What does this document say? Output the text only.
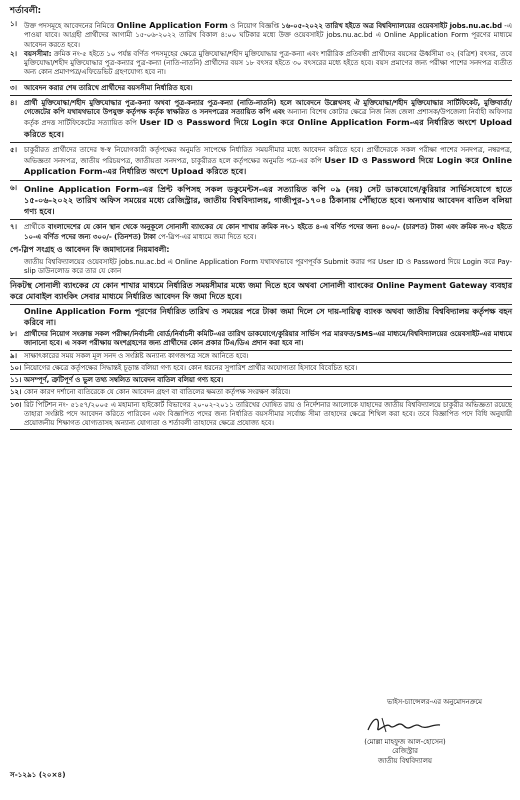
শর্তাবলী:
১।	উক্ত পদসমূহে আবেদনের নিমিত্তে Online Application Form ও নিয়োগ বিজ্ঞপ্তি ১৬-০৫-২০২২ তারিখ হইতে অত্র বিশ্ববিদ্যালয়ের ওয়েবসাইট jobs.nu.ac.bd -এ পাওয়া যাবে। আগ্রহী প্রার্থীদের আগামী ১৫-০৬-২০২২ তারিখ বিকাল ৪:০০ ঘটিকার মধ্যে উক্ত ওয়েবসাইট jobs.nu.ac.bd এ Online Application Form পূরণের মাধ্যমে আবেদন করতে হবে।
২।	বয়সসীমা: ক্রমিক নং-৫ হইতে ১০ পর্যন্ত বর্ণিত পদসমূহের ক্ষেত্রে মুক্তিযোদ্ধা/শহীদ মুক্তিযোদ্ধার পুত্র-কন্যা এবং শারীরিক প্রতিবন্ধী প্রার্থীদের বয়সের ঊর্ধ্বসীমা ৩২ (বত্রিশ) বৎসর, তবে মুক্তিযোদ্ধা/শহীদ মুক্তিযোদ্ধার পুত্র-কন্যার পুত্র-কন্যা (নাতি-নাতনি) প্রার্থীদের বয়স ১৮ বৎসর হইতে ৩০ বৎসরের মধ্যে হইতে হবে। বয়স প্রমাণের জন্য পরীক্ষা পাশের সনদপত্র ব্যতীত অন্য কোন প্রমাণপত্র/এফিডেভিট গ্রহণযোগ্য হবে না।
৩।	আবেদন করার শেষ তারিখে প্রার্থীদের বয়সসীমা নির্ধারিত হবে।
৪।	প্রার্থী মুক্তিযোদ্ধা/শহীদ মুক্তিযোদ্ধার পুত্র-কন্যা অথবা পুত্র-কন্যার পুত্র-কন্যা (নাতি-নাতনি) হলে আবেদনে উল্লেখসহ ঐ মুক্তিযোদ্ধা/শহীদ মুক্তিযোদ্ধার সার্টিফিকেট, মুক্তিবার্তা/গেজেটের কপি যথাযথভাবে উপযুক্ত কর্তৃপক্ষ কর্তৃক স্বাক্ষরিত ও সনদপত্রের সত্যায়িত কপি এবং অন্যান্য বিশেষ কোটার ক্ষেত্রে নিজ নিজ জেলা প্রশাসক/উপজেলা নির্বাহী অফিসার কর্তৃক প্রদত্ত সার্টিফিকেটের সত্যায়িত কপি User ID ও Password দিয়ে Login করে Online Application Form-এর নির্ধারিত অংশে Upload করিতে হবে।
৫।	চাকুরীরত প্রার্থীদের তাদের স্ব-স্ব নিয়োগকারী কর্তৃপক্ষের অনুমতি সাপেক্ষে নির্ধারিত সময়সীমার মধ্যে আবেদন করিতে হবে। প্রার্থীদেরকে সকল পরীক্ষা পাশের সনদপত্র, নম্বরপত্র, অভিজ্ঞতা সনদপত্র, জাতীয় পরিচয়পত্র, জাতীয়তা সনদপত্র, চাকুরীরত হলে কর্তৃপক্ষের অনুমতি পত্র-এর কপি User ID ও Password দিয়ে Login করে Online Application Form-এর নির্ধারিত অংশে Upload করিতে হবে।
৬। Online Application Form-এর প্রিন্ট কপিসহ সকল ডকুমেন্টস-এর সত্যায়িত কপি ০৯ (নয়) সেট ডাকযোগে/কুরিয়ার সার্ভিসযোগে হাতে ১৫-০৬-২০২২ তারিখ অফিস সময়ের মধ্যে রেজিস্ট্রার, জাতীয় বিশ্ববিদ্যালয়, গাজীপুর-১৭০৪ ঠিকানায় পৌঁছাতে হবে। অন্যথায় আবেদন বাতিল বলিয়া গণ্য হবে।
৭।	প্রার্থীকে বাংলাদেশের যে কোন স্থান থেকে অনুকূলে সোনালী ব্যাংকের যে কোন শাখায় ক্রমিক নং-১ হইতে ৪-এ বর্ণিত পদের জন্য ৪০০/- (চারশত) টাকা এবং ক্রমিক নং-৫ হইতে ১০-এ বর্ণিত পদের জন্য ৩০০/- (তিনশত) টাকা পে-স্লিপ-এর মাধ্যমে জমা দিতে হবে।
পে-স্লিপ সংগ্রহ ও আবেদন ফি জমাদানের নিয়মাবলী:
জাতীয় বিশ্ববিদ্যালয়ের ওয়েবসাইট jobs.nu.ac.bd এ Online Application Form যথাযথভাবে পূরণপূর্বক Submit করার পর User ID ও Password দিয়ে Login করে Pay-slip ডাউনলোড করে তার যে কোন
নিকটস্থ সোনালী ব্যাংকের যে কোন শাখার মাধ্যমে নির্ধারিত সময়সীমার মধ্যে জমা দিতে হবে অথবা সোনালী ব্যাংকের Online Payment Gateway ব্যবহার করে মোবাইল ব্যাংকিং সেবার মাধ্যমে নির্ধারিত আবেদন ফি জমা দিতে হবে।
Online Application Form পূরণের নির্ধারিত তারিখ ও সময়ের পরে টাকা জমা দিলে সে দায়-দায়িত্ব ব্যাংক অথবা জাতীয় বিশ্ববিদ্যালয় কর্তৃপক্ষ বহন করিবে না।
৮।	প্রার্থীদের নিয়োগ সংক্রান্ত সকল পরীক্ষা/নির্বাচনী বোর্ড/নির্বাচনী কমিটি-এর তারিখ ডাকযোগে/কুরিয়ার সার্ভিস পত্র মারফত/SMS-এর মাধ্যমে/বিশ্ববিদ্যালয়ের ওয়েবসাইট-এর মাধ্যমে জানানো হবে। এ সকল পরীক্ষায় অংশগ্রহণের জন্য প্রার্থীদের কোন প্রকার টিএ/ডিএ প্রদান করা হবে না।
৯।	সাক্ষাৎকারের সময় সকল মূল সনদ ও সংশ্লিষ্ট অন্যান্য কাগজপত্র সঙ্গে আনিতে হবে।
১০। নিয়োগের ক্ষেত্রে কর্তৃপক্ষের সিদ্ধান্তই চূড়ান্ত বলিয়া গণ্য হবে। কোন ধরনের সুপারিশ প্রার্থীর অযোগ্যতা হিসাবে বিবেচিত হবে।
১১। অসম্পূর্ণ, ত্রুটিপূর্ণ ও ভুল তথ্য সম্বলিত আবেদন বাতিল বলিয়া গণ্য হবে।
১২। কোন কারণ দর্শানো ব্যতিরেকে যে কোন আবেদন গ্রহণ বা বাতিলের ক্ষমতা কর্তৃপক্ষ সংরক্ষণ করিবে।
১৩। রিট পিটিশন নং- ৫১৫৭/২০০৫ এ মহামান্য হাইকোর্ট বিভাগের ২০-০২-২০১১ তারিখের ঘোষিত রায় ও নির্দেশনার আলোকে যাহাদের জাতীয় বিশ্ববিদ্যালয়ে চাকুরীর অভিজ্ঞতা রয়েছে তাহারা সংশ্লিষ্ট পদে আবেদন করিতে পারিবেন এবং বিজ্ঞাপিত পদের জন্য নির্ধারিত বয়সসীমার সর্বোচ্চ সীমা তাহাদের ক্ষেত্রে শিথিল করা হবে। তবে বিজ্ঞাপিত পদে বিধি অনুযায়ী প্রয়োজনীয় শিক্ষাগত যোগ্যতাসহ অন্যান্য যোগ্যতা ও শর্তাবলী তাহাদের ক্ষেত্রে প্রযোজ্য হবে।
ভাইস-চ্যান্সেলর-এর অনুমোদনক্রমে
(মোল্লা মাহফুজ আল-হোসেন)
রেজিস্ট্রার
জাতীয় বিশ্ববিদ্যালয়
স-১২৯১ (২০×৪)
